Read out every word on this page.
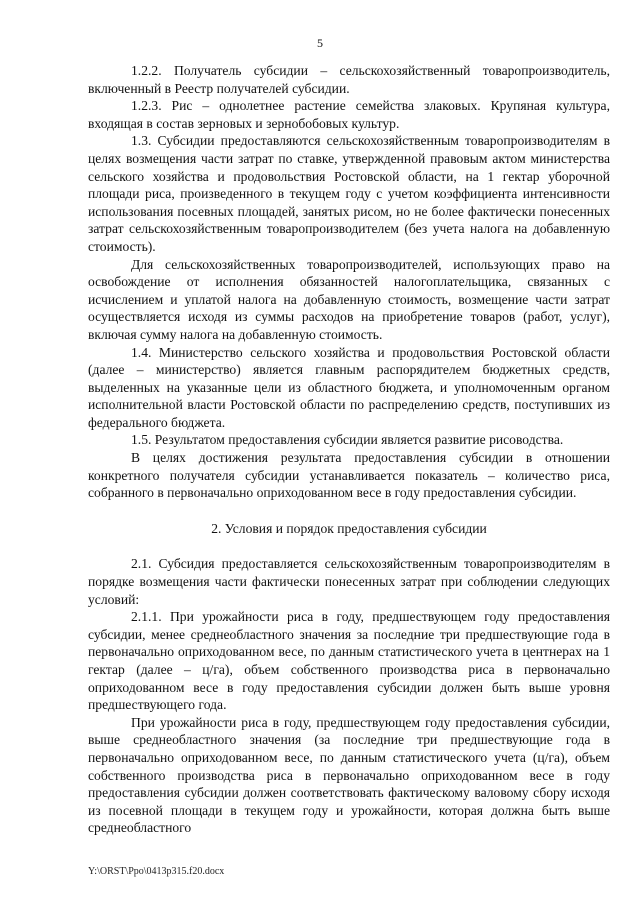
5

1.2.2. Получатель субсидии – сельскохозяйственный товаропроизводитель, включенный в Реестр получателей субсидии.

1.2.3. Рис – однолетнее растение семейства злаковых. Крупяная культура, входящая в состав зерновых и зернобобовых культур.

1.3. Субсидии предоставляются сельскохозяйственным товаропроизводителям в целях возмещения части затрат по ставке, утвержденной правовым актом министерства сельского хозяйства и продовольствия Ростовской области, на 1 гектар уборочной площади риса, произведенного в текущем году с учетом коэффициента интенсивности использования посевных площадей, занятых рисом, но не более фактически понесенных затрат сельскохозяйственным товаропроизводителем (без учета налога на добавленную стоимость).

Для сельскохозяйственных товаропроизводителей, использующих право на освобождение от исполнения обязанностей налогоплательщика, связанных с исчислением и уплатой налога на добавленную стоимость, возмещение части затрат осуществляется исходя из суммы расходов на приобретение товаров (работ, услуг), включая сумму налога на добавленную стоимость.

1.4. Министерство сельского хозяйства и продовольствия Ростовской области (далее – министерство) является главным распорядителем бюджетных средств, выделенных на указанные цели из областного бюджета, и уполномоченным органом исполнительной власти Ростовской области по распределению средств, поступивших из федерального бюджета.

1.5. Результатом предоставления субсидии является развитие рисоводства.

В целях достижения результата предоставления субсидии в отношении конкретного получателя субсидии устанавливается показатель – количество риса, собранного в первоначально оприходованном весе в году предоставления субсидии.

2. Условия и порядок предоставления субсидии

2.1. Субсидия предоставляется сельскохозяйственным товаропроизводителям в порядке возмещения части фактически понесенных затрат при соблюдении следующих условий:

2.1.1. При урожайности риса в году, предшествующем году предоставления субсидии, менее среднеобластного значения за последние три предшествующие года в первоначально оприходованном весе, по данным статистического учета в центнерах на 1 гектар (далее – ц/га), объем собственного производства риса в первоначально оприходованном весе в году предоставления субсидии должен быть выше уровня предшествующего года.

При урожайности риса в году, предшествующем году предоставления субсидии, выше среднеобластного значения (за последние три предшествующие года в первоначально оприходованном весе, по данным статистического учета (ц/га), объем собственного производства риса в первоначально оприходованном весе в году предоставления субсидии должен соответствовать фактическому валовому сбору исходя из посевной площади в текущем году и урожайности, которая должна быть выше среднеобластного

Y:\ORST\Ppo\0413p315.f20.docx
